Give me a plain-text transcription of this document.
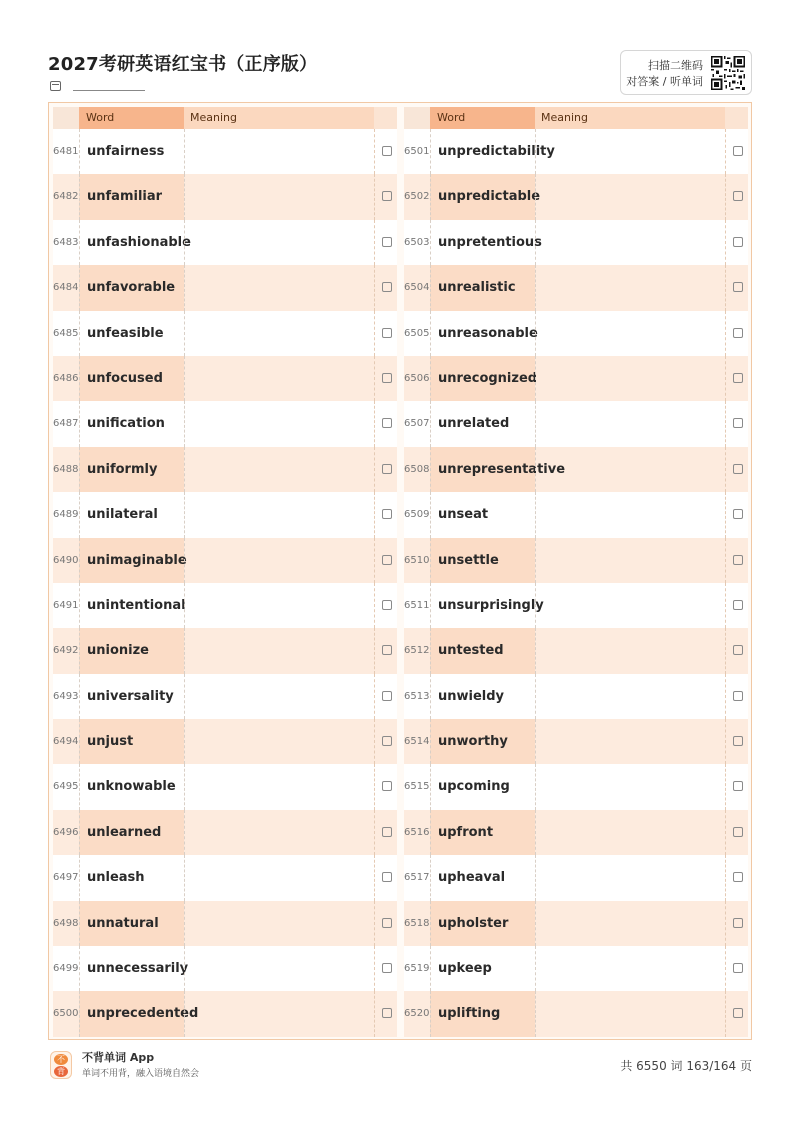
2027考研英语红宝书（正序版）	扫描二维码
对答案 / 听单词
Word	Meaning
6481 unfairness
6482 unfamiliar
6483 unfashionable
6484 unfavorable
6485 unfeasible
6486 unfocused
6487 unification
6488 uniformly
6489 unilateral
6490 unimaginable
6491 unintentional
6492 unionize
6493 universality
6494 unjust
6495 unknowable
6496 unlearned
6497 unleash
6498 unnatural
6499 unnecessarily
6500 unprecedented
Word	Meaning
6501 unpredictability
6502 unpredictable
6503 unpretentious
6504 unrealistic
6505 unreasonable
6506 unrecognized
6507 unrelated
6508 unrepresentative
6509 unseat
6510 unsettle
6511 unsurprisingly
6512 untested
6513 unwieldy
6514 unworthy
6515 upcoming
6516 upfront
6517 upheaval
6518 upholster
6519 upkeep
6520 uplifting
不
背
不背单词 App
单词不用背，融入语境自然会
共 6550 词 163/164 页
